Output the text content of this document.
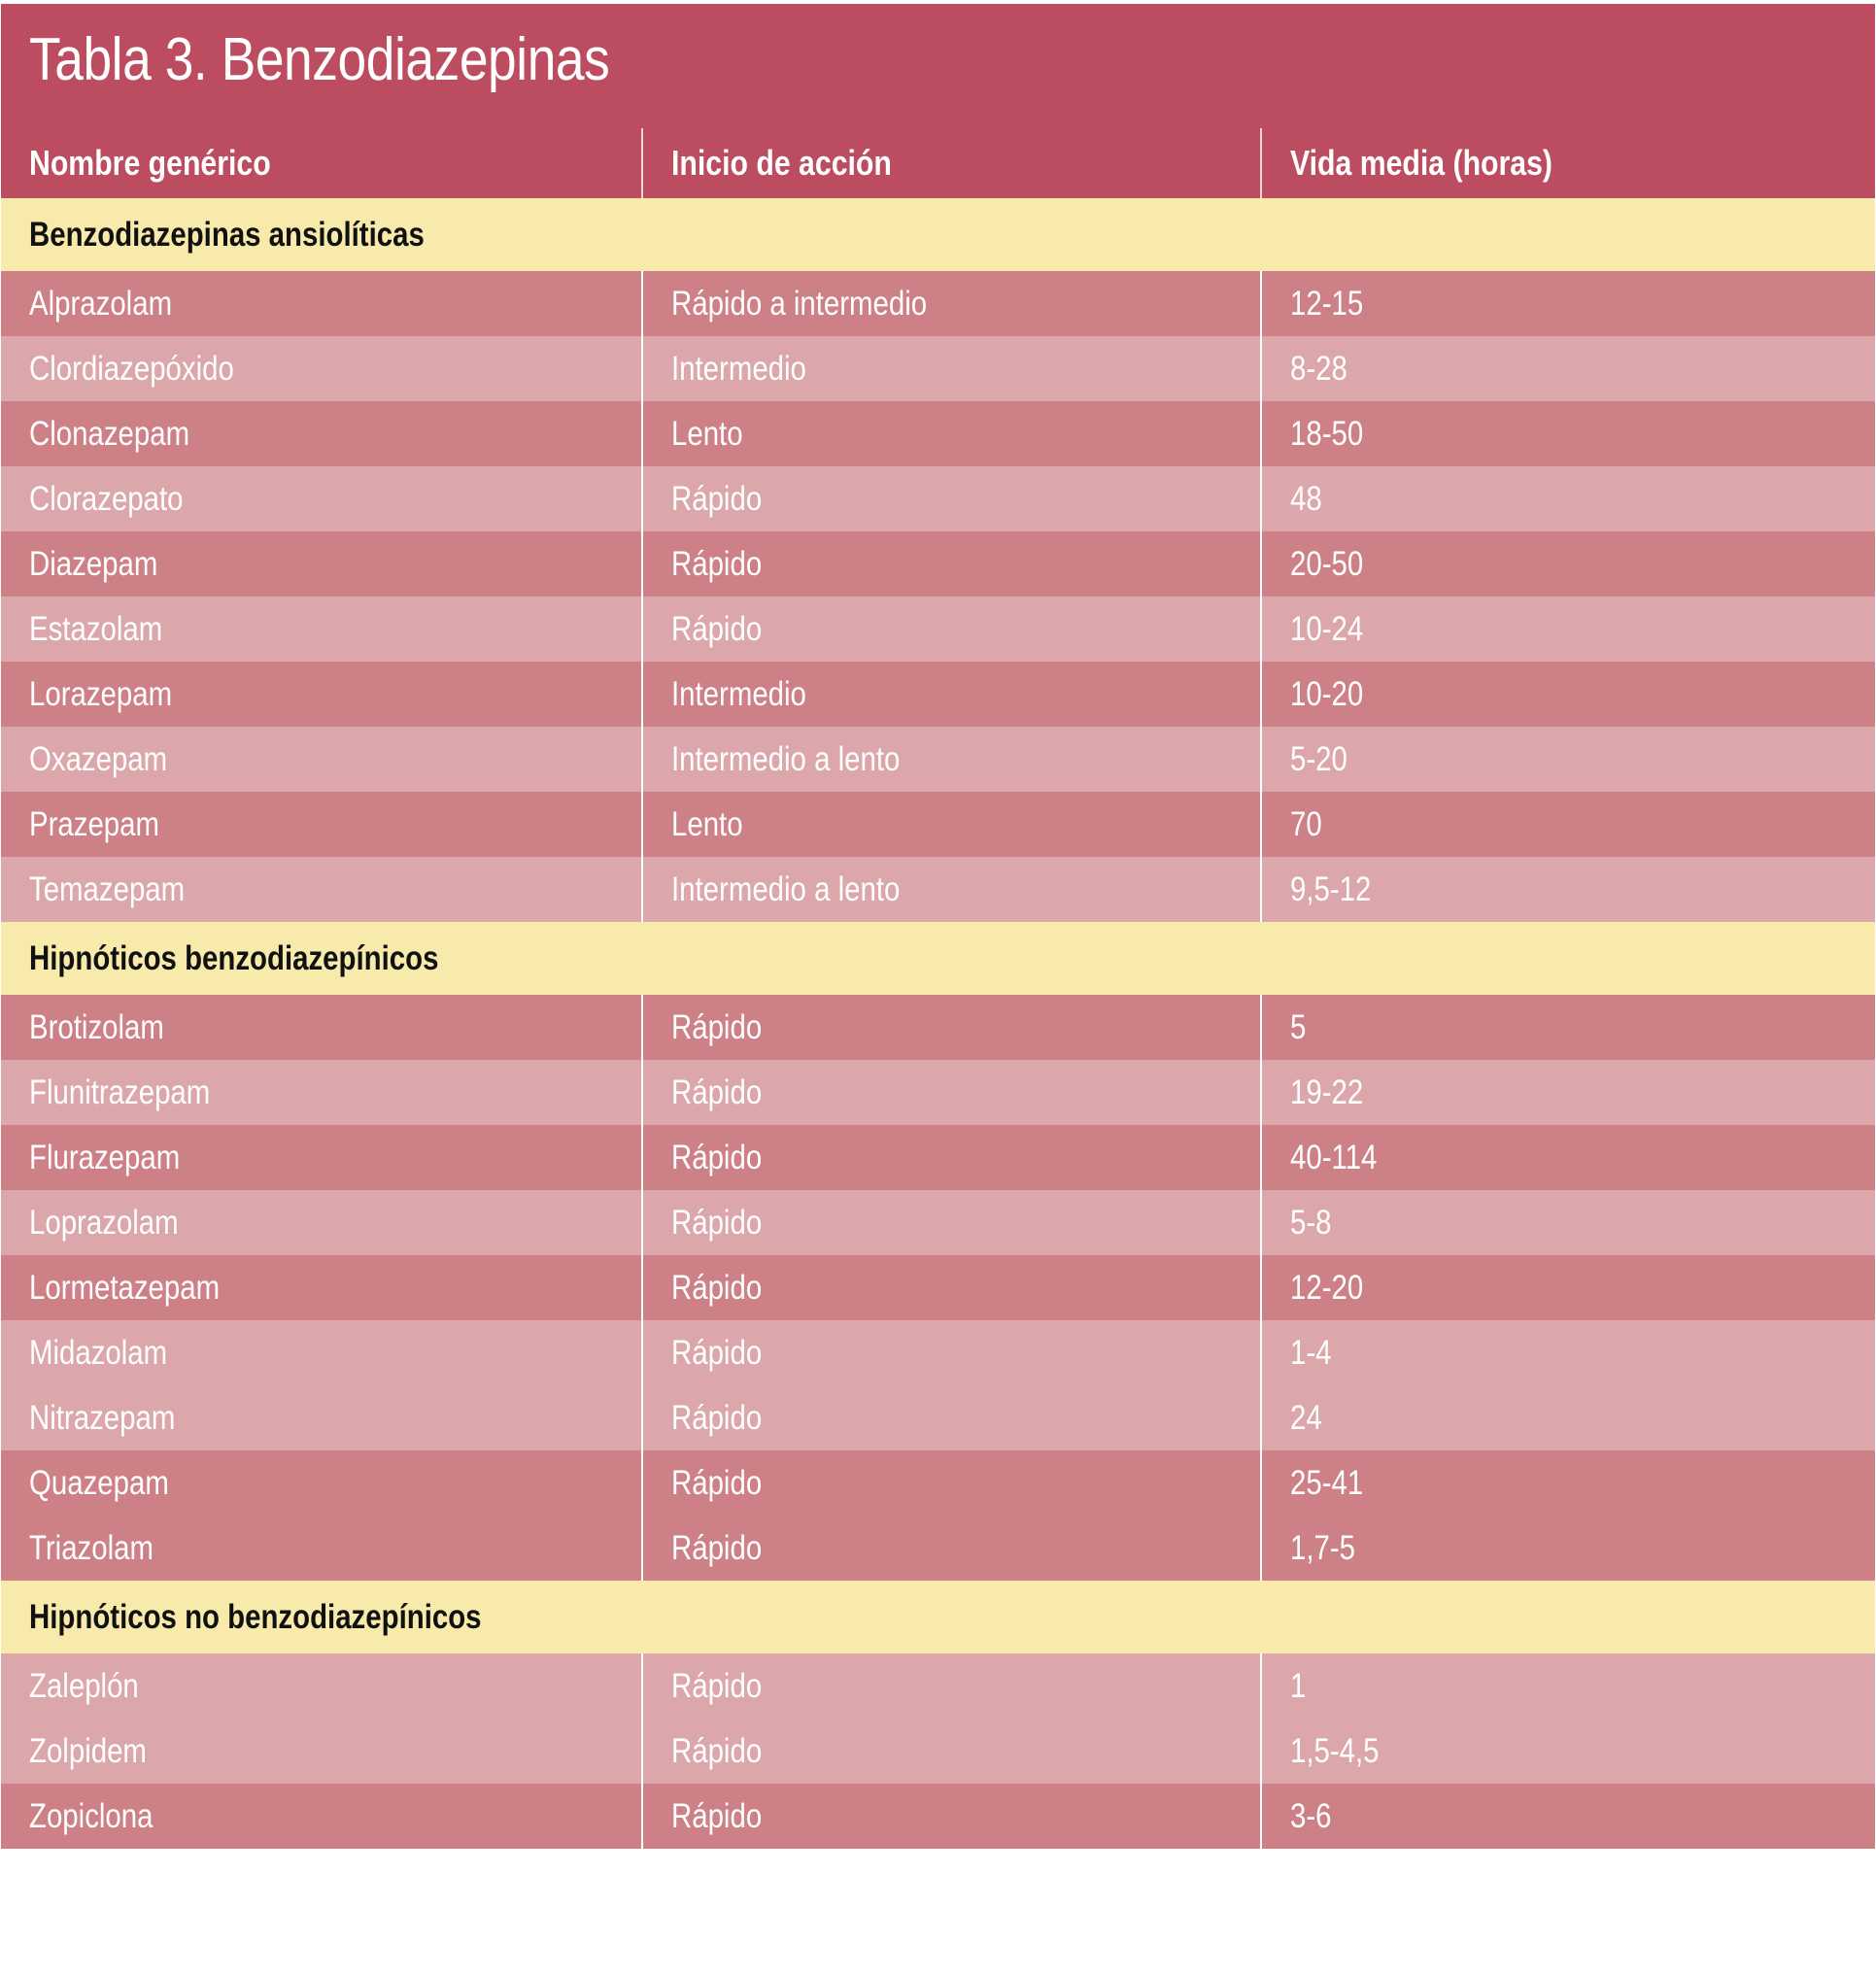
Tabla 3. Benzodiazepinas
Nombre genérico	Inicio de acción	Vida media (horas)
Benzodiazepinas ansiolíticas
Alprazolam	Rápido a intermedio	12-15
Clordiazepóxido	Intermedio	8-28
Clonazepam	Lento	18-50
Clorazepato	Rápido	48
Diazepam	Rápido	20-50
Estazolam	Rápido	10-24
Lorazepam	Intermedio	10-20
Oxazepam	Intermedio a lento	5-20
Prazepam	Lento	70
Temazepam	Intermedio a lento	9,5-12
Hipnóticos benzodiazepínicos
Brotizolam	Rápido	5
Flunitrazepam	Rápido	19-22
Flurazepam	Rápido	40-114
Loprazolam	Rápido	5-8
Lormetazepam	Rápido	12-20
Midazolam	Rápido	1-4
Nitrazepam	Rápido	24
Quazepam	Rápido	25-41
Triazolam	Rápido	1,7-5
Hipnóticos no benzodiazepínicos
Zaleplón	Rápido	1
Zolpidem	Rápido	1,5-4,5
Zopiclona	Rápido	3-6
